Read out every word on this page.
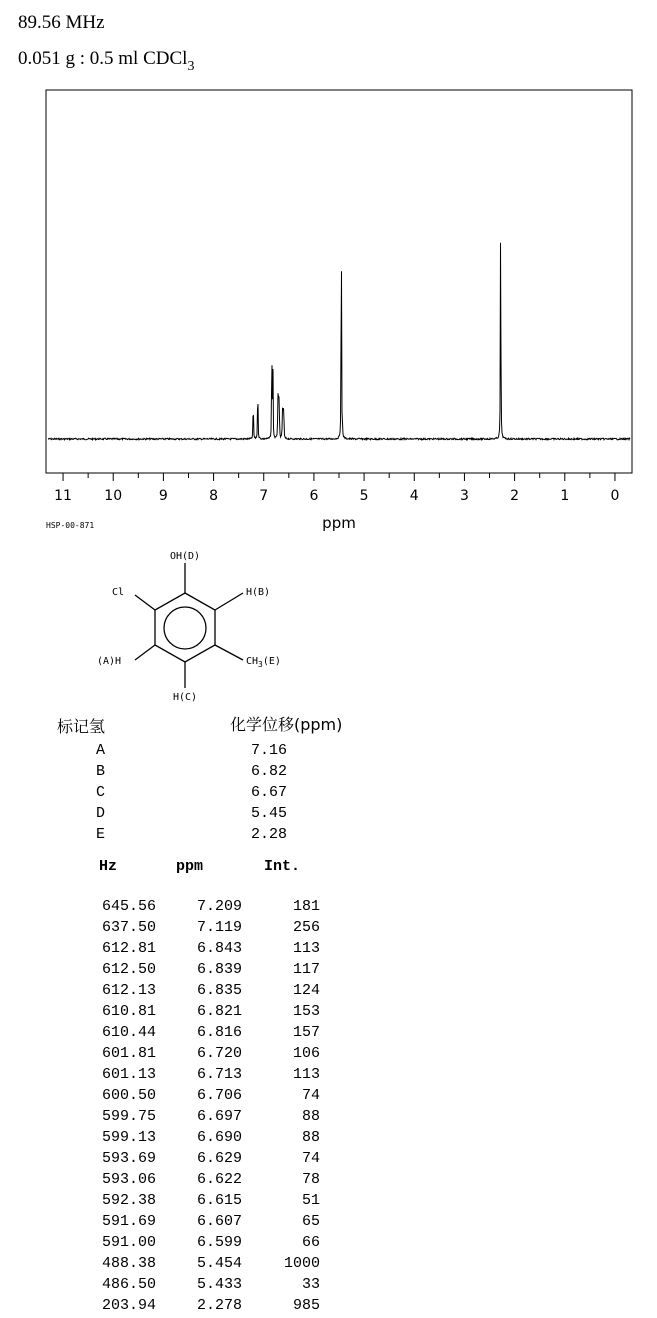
89.56 MHz
0.051 g : 0.5 ml CDCl$_3$
11 10	9	8	7	6	5	4	3	2	1	0
ppm
HSP-00-871
OH(D)
Cl	H(B)
(A)H	$CH_3(E)$
H(C)
标记氢	化学位移(ppm)
A	7.16
B	6.82
C	6.67
D	5.45
E	2.28
Hz	ppm	Int.
645.56	7.209	181
637.50	7.119	256
612.81	6.843	113
612.50	6.839	117
612.13	6.835	124
610.81	6.821	153
610.44	6.816	157
601.81	6.720	106
601.13	6.713	113
600.50	6.706	74
599.75	6.697	88
599.13	6.690	88
593.69	6.629	74
593.06	6.622	78
592.38	6.615	51
591.69	6.607	65
591.00	6.599	66
488.38	5.454	1000
486.50	5.433	33
203.94	2.278	985
